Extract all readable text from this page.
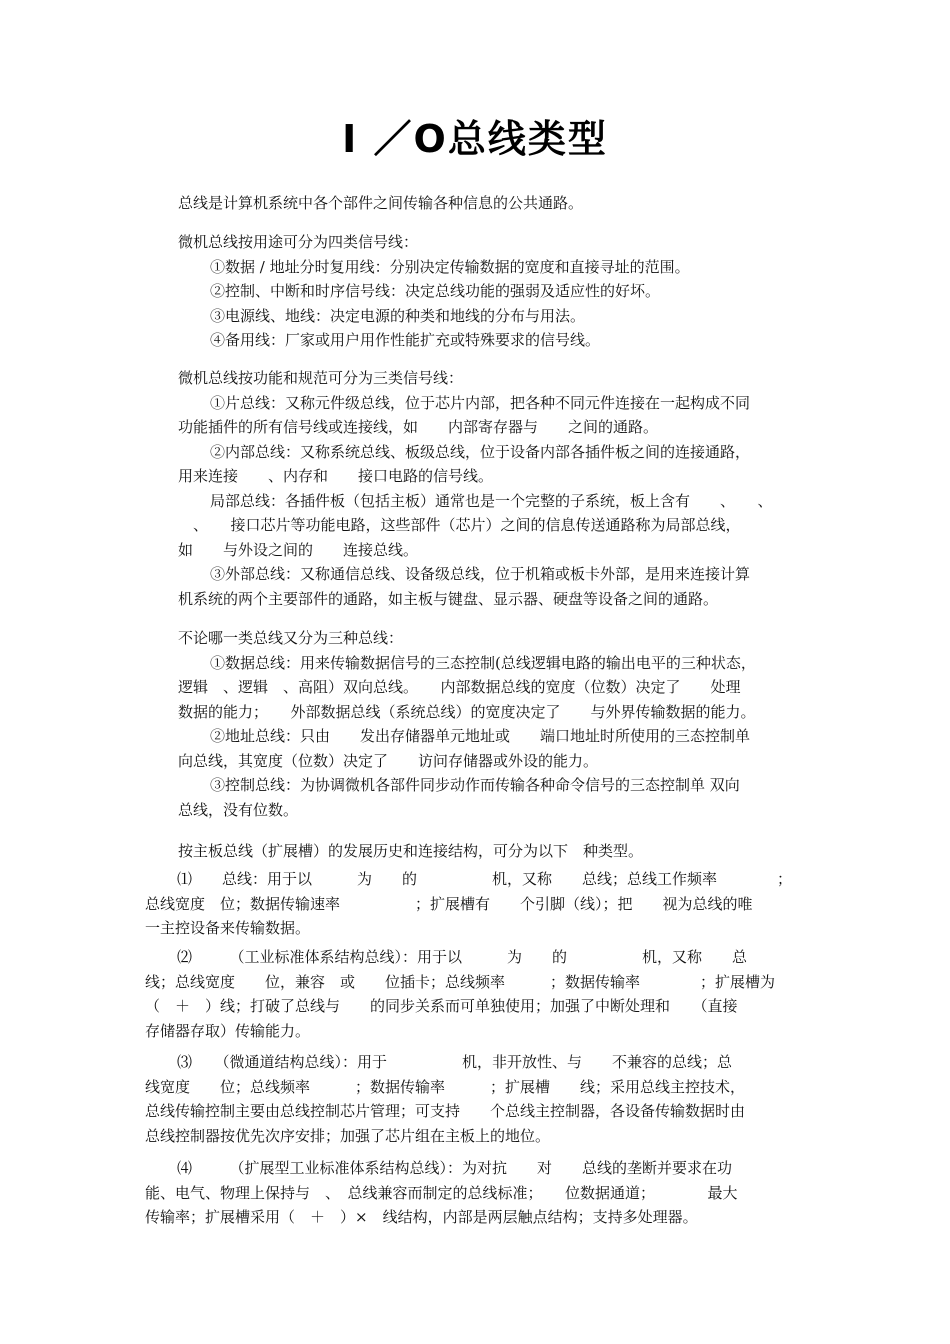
I ／O总线类型
总线是计算机系统中各个部件之间传输各种信息的公共通路。
微机总线按用途可分为四类信号线：
①数据 / 地址分时复用线：分别决定传输数据的宽度和直接寻址的范围。
②控制、中断和时序信号线：决定总线功能的强弱及适应性的好坏。
③电源线、地线：决定电源的种类和地线的分布与用法。
④备用线：厂家或用户用作性能扩充或特殊要求的信号线。
微机总线按功能和规范可分为三类信号线：
①片总线：又称元件级总线，位于芯片内部，把各种不同元件连接在一起构成不同
功能插件的所有信号线或连接线，如　　内部寄存器与　　之间的通路。
②内部总线：又称系统总线、板级总线，位于设备内部各插件板之间的连接通路，
用来连接　　、内存和　　接口电路的信号线。
局部总线：各插件板（包括主板）通常也是一个完整的子系统，板上含有　　、　　、
　、　　接口芯片等功能电路，这些部件（芯片）之间的信息传送通路称为局部总线，
如　　与外设之间的　　连接总线。
③外部总线：又称通信总线、设备级总线，位于机箱或板卡外部，是用来连接计算
机系统的两个主要部件的通路，如主板与键盘、显示器、硬盘等设备之间的通路。
不论哪一类总线又分为三种总线：
①数据总线：用来传输数据信号的三态控制(总线逻辑电路的输出电平的三种状态，
逻辑　、逻辑　、高阻）双向总线。　　内部数据总线的宽度（位数）决定了　　处理
数据的能力；　　外部数据总线（系统总线）的宽度决定了　　与外界传输数据的能力。
②地址总线：只由　　发出存储器单元地址或　　端口地址时所使用的三态控制单
向总线，其宽度（位数）决定了　　访问存储器或外设的能力。
③控制总线：为协调微机各部件同步动作而传输各种命令信号的三态控制单 双向
总线，没有位数。
按主板总线（扩展槽）的发展历史和连接结构，可分为以下　种类型。
⑴　　总线：用于以　　　为　　的　　　　　机，又称　　总线；总线工作频率　　　　；
总线宽度　位；数据传输速率　　　　　；扩展槽有　　个引脚（线）；把　　视为总线的唯
一主控设备来传输数据。
⑵　　　（工业标准体系结构总线）：用于以　　　为　　的　　　　　机，又称　　总
线；总线宽度　　位，兼容　或　　位插卡；总线频率　　　；数据传输率　　　　；扩展槽为
（　＋　）线；打破了总线与　　的同步关系而可单独使用；加强了中断处理和　　（直接
存储器存取）传输能力。
⑶　　（微通道结构总线）：用于　　　　　机，非开放性、与　　不兼容的总线；总
线宽度　　位；总线频率　　　；数据传输率　　　；扩展槽　　线；采用总线主控技术，
总线传输控制主要由总线控制芯片管理；可支持　　个总线主控制器，各设备传输数据时由
总线控制器按优先次序安排；加强了芯片组在主板上的地位。
⑷　　　（扩展型工业标准体系结构总线）：为对抗　　对　　总线的垄断并要求在功
能、电气、物理上保持与　、　总线兼容而制定的总线标准；　　位数据通道；　　　　最大
传输率；扩展槽采用（　＋　）×　线结构，内部是两层触点结构；支持多处理器。
